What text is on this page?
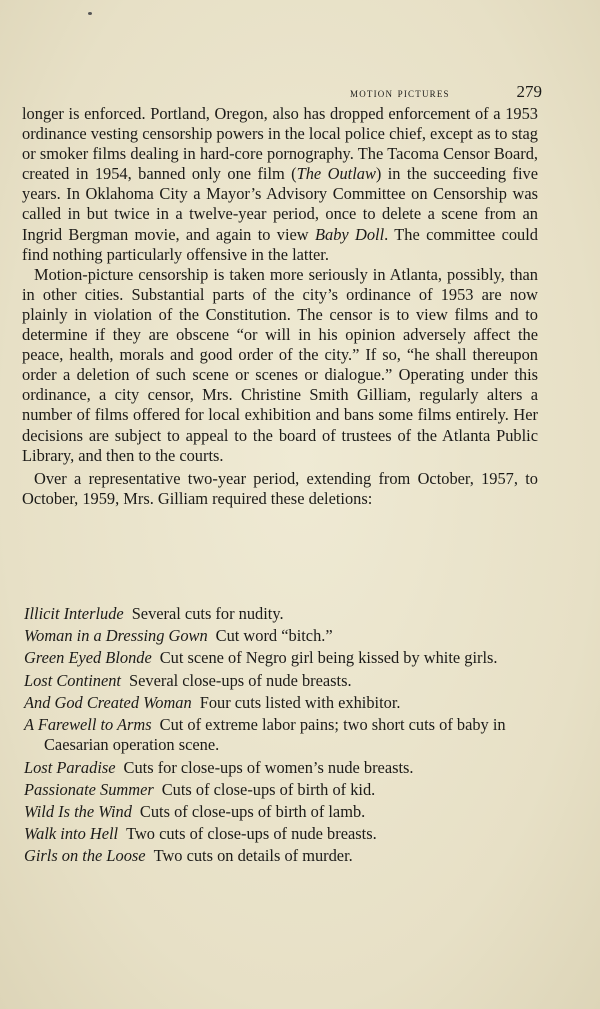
motion pictures	279

longer is enforced. Portland, Oregon, also has dropped enforcement of a 1953 ordinance vesting censorship powers in the local police chief, except as to stag or smoker films dealing in hard-core pornography. The Tacoma Censor Board, created in 1954, banned only one film (The Outlaw) in the succeeding five years. In Oklahoma City a Mayor’s Advisory Committee on Censorship was called in but twice in a twelve-year period, once to delete a scene from an Ingrid Bergman movie, and again to view Baby Doll. The committee could find nothing particularly offensive in the latter.

Motion-picture censorship is taken more seriously in Atlanta, possibly, than in other cities. Substantial parts of the city’s ordinance of 1953 are now plainly in violation of the Constitution. The censor is to view films and to determine if they are obscene “or will in his opinion adversely affect the peace, health, morals and good order of the city.” If so, “he shall thereupon order a deletion of such scene or scenes or dialogue.” Operating under this ordinance, a city censor, Mrs. Christine Smith Gilliam, regularly alters a number of films offered for local exhibition and bans some films entirely. Her decisions are subject to appeal to the board of trustees of the Atlanta Public Library, and then to the courts.

Over a representative two-year period, extending from October, 1957, to October, 1959, Mrs. Gilliam required these deletions:

Illicit Interlude Several cuts for nudity.
Woman in a Dressing Gown Cut word “bitch.”
Green Eyed Blonde Cut scene of Negro girl being kissed by white girls.
Lost Continent Several close-ups of nude breasts.
And God Created Woman Four cuts listed with exhibitor.
A Farewell to Arms Cut of extreme labor pains; two short cuts of baby in Caesarian operation scene.
Lost Paradise Cuts for close-ups of women’s nude breasts.
Passionate Summer Cuts of close-ups of birth of kid.
Wild Is the Wind Cuts of close-ups of birth of lamb.
Walk into Hell Two cuts of close-ups of nude breasts.
Girls on the Loose Two cuts on details of murder.
